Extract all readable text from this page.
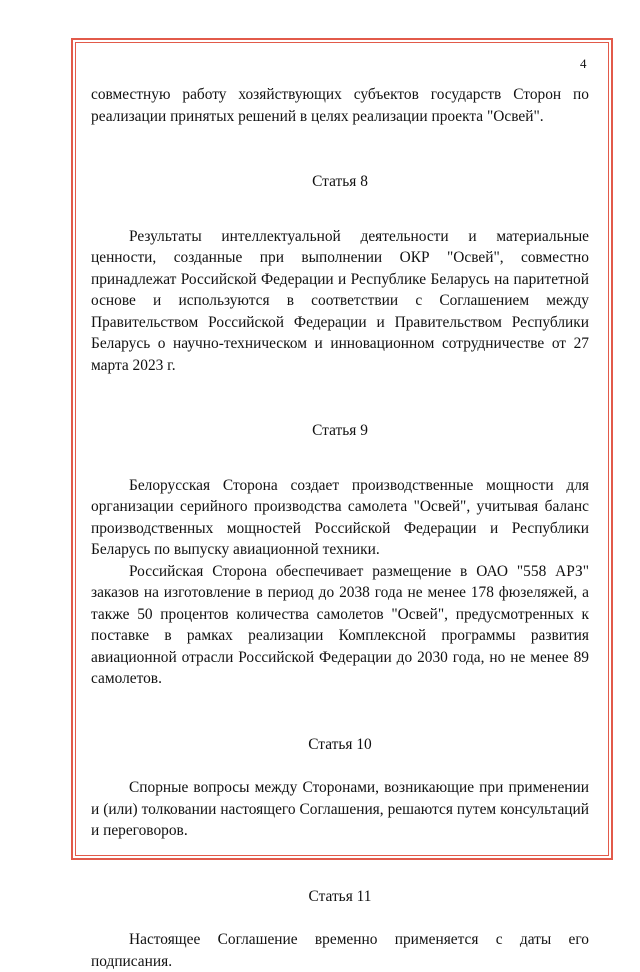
4

совместную работу хозяйствующих субъектов государств Сторон по реализации принятых решений в целях реализации проекта "Освей".

Статья 8

Результаты интеллектуальной деятельности и материальные ценности, созданные при выполнении ОКР "Освей", совместно принадлежат Российской Федерации и Республике Беларусь на паритетной основе и используются в соответствии с Соглашением между Правительством Российской Федерации и Правительством Республики Беларусь о научно-техническом и инновационном сотрудничестве от 27 марта 2023 г.

Статья 9

Белорусская Сторона создает производственные мощности для организации серийного производства самолета "Освей", учитывая баланс производственных мощностей Российской Федерации и Республики Беларусь по выпуску авиационной техники.

Российская Сторона обеспечивает размещение в ОАО "558 АРЗ" заказов на изготовление в период до 2038 года не менее 178 фюзеляжей, а также 50 процентов количества самолетов "Освей", предусмотренных к поставке в рамках реализации Комплексной программы развития авиационной отрасли Российской Федерации до 2030 года, но не менее 89 самолетов.

Статья 10

Спорные вопросы между Сторонами, возникающие при применении и (или) толковании настоящего Соглашения, решаются путем консультаций и переговоров.

Статья 11

Настоящее Соглашение временно применяется с даты его подписания.
